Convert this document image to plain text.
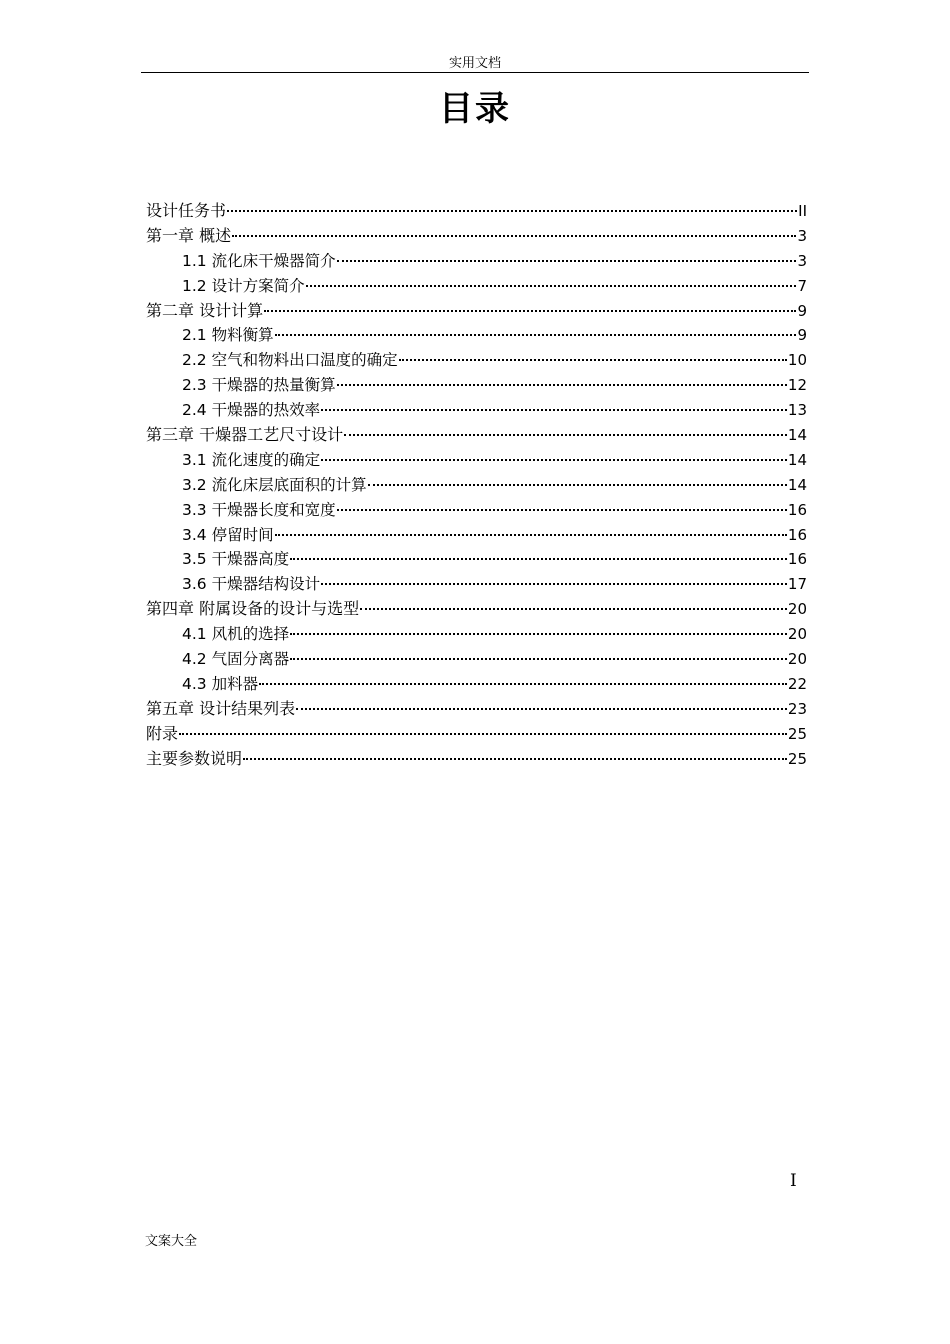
实用文档
目录
设计任务书	II
第一章 概述	3
1.1 流化床干燥器简介	3
1.2 设计方案简介	7
第二章 设计计算	9
2.1 物料衡算	9
2.2 空气和物料出口温度的确定	10
2.3 干燥器的热量衡算	12
2.4 干燥器的热效率	13
第三章 干燥器工艺尺寸设计	14
3.1 流化速度的确定	14
3.2 流化床层底面积的计算	14
3.3 干燥器长度和宽度	16
3.4 停留时间	16
3.5 干燥器高度	16
3.6 干燥器结构设计	17
第四章 附属设备的设计与选型	20
4.1 风机的选择	20
4.2 气固分离器	20
4.3 加料器	22
第五章 设计结果列表	23
附录	25
主要参数说明	25
I
文案大全
